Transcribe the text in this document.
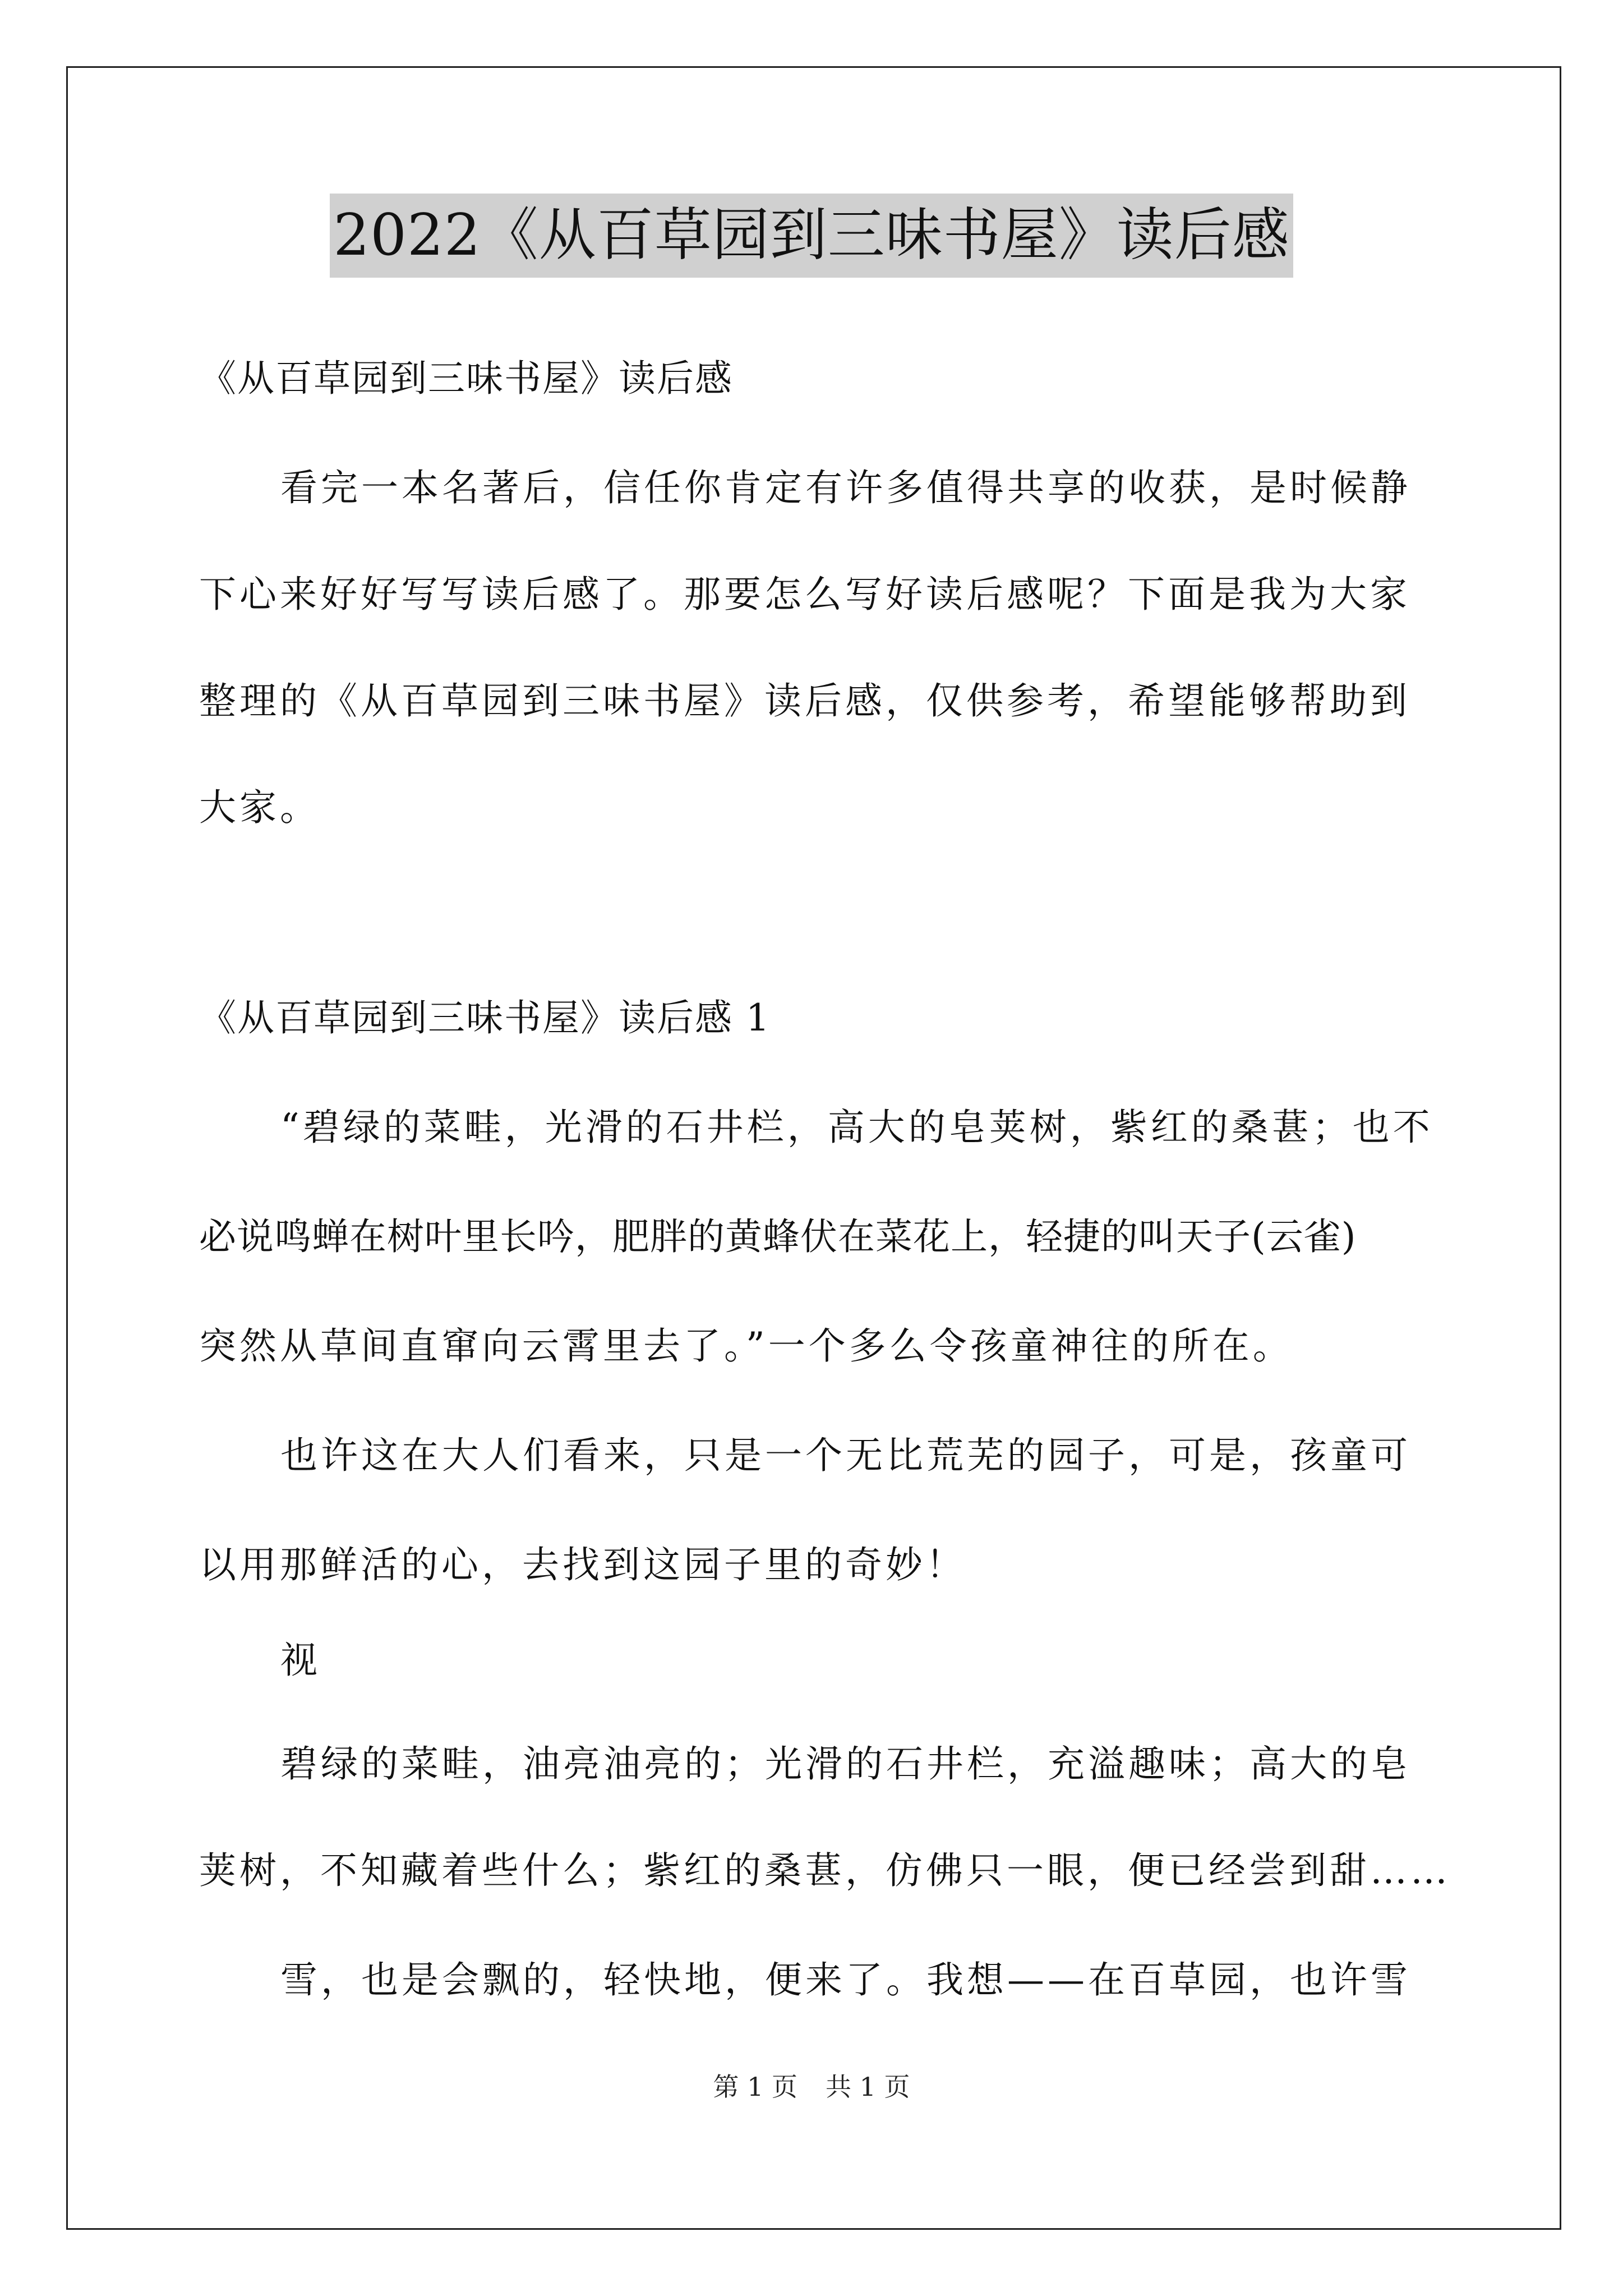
2022《从百草园到三味书屋》读后感
《从百草园到三味书屋》读后感
看完一本名著后，信任你肯定有许多值得共享的收获，是时候静
下心来好好写写读后感了。那要怎么写好读后感呢？下面是我为大家
整理的《从百草园到三味书屋》读后感，仅供参考，希望能够帮助到
大家。
《从百草园到三味书屋》读后感 1
“碧绿的菜畦，光滑的石井栏，高大的皂荚树，紫红的桑葚；也不
必说鸣蝉在树叶里长吟，肥胖的黄蜂伏在菜花上，轻捷的叫天子(云雀)
突然从草间直窜向云霄里去了。”一个多么令孩童神往的所在。
也许这在大人们看来，只是一个无比荒芜的园子，可是，孩童可
以用那鲜活的心，去找到这园子里的奇妙！
视
碧绿的菜畦，油亮油亮的；光滑的石井栏，充溢趣味；高大的皂
荚树，不知藏着些什么；紫红的桑葚，仿佛只一眼，便已经尝到甜……
雪，也是会飘的，轻快地，便来了。我想——在百草园，也许雪
第 1 页 共 1 页
